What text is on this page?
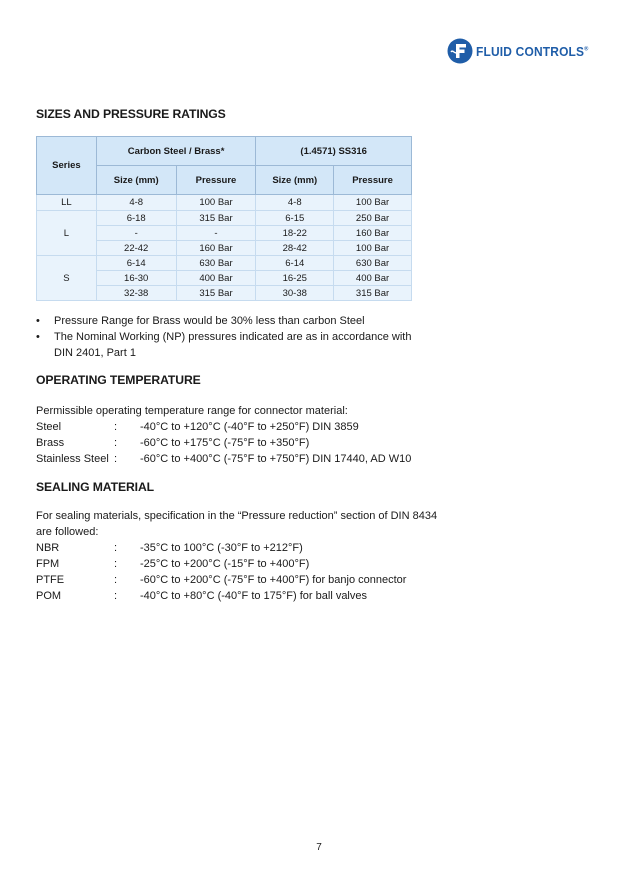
FLUID CONTROLS®
SIZES AND PRESSURE RATINGS
Series	Carbon Steel / Brass*		(1.4571) SS316	
	Size (mm)	Pressure	Size (mm)	Pressure
LL	4-8	100 Bar	4-8	100 Bar
L	6-18	315 Bar	6-15	250 Bar
	-	-	18-22	160 Bar
	22-42	160 Bar	28-42	100 Bar
S	6-14	630 Bar	6-14	630 Bar
	16-30	400 Bar	16-25	400 Bar
	32-38	315 Bar	30-38	315 Bar
•	Pressure Range for Brass would be 30% less than carbon Steel
•	The Nominal Working (NP) pressures indicated are as in accordance with DIN 2401, Part 1
OPERATING TEMPERATURE
Permissible operating temperature range for connector material:
Steel	:	-40°C to +120°C (-40°F to +250°F) DIN 3859
Brass	:	-60°C to +175°C (-75°F to +350°F)
Stainless Steel :	-60°C to +400°C (-75°F to +750°F) DIN 17440, AD W10
SEALING MATERIAL
For sealing materials, specification in the “Pressure reduction” section of DIN 8434 are followed:
NBR	:	-35°C to 100°C (-30°F to +212°F)
FPM	:	-25°C to +200°C (-15°F to +400°F)
PTFE	:	-60°C to +200°C (-75°F to +400°F) for banjo connector
POM	:	-40°C to +80°C (-40°F to 175°F) for ball valves
7
